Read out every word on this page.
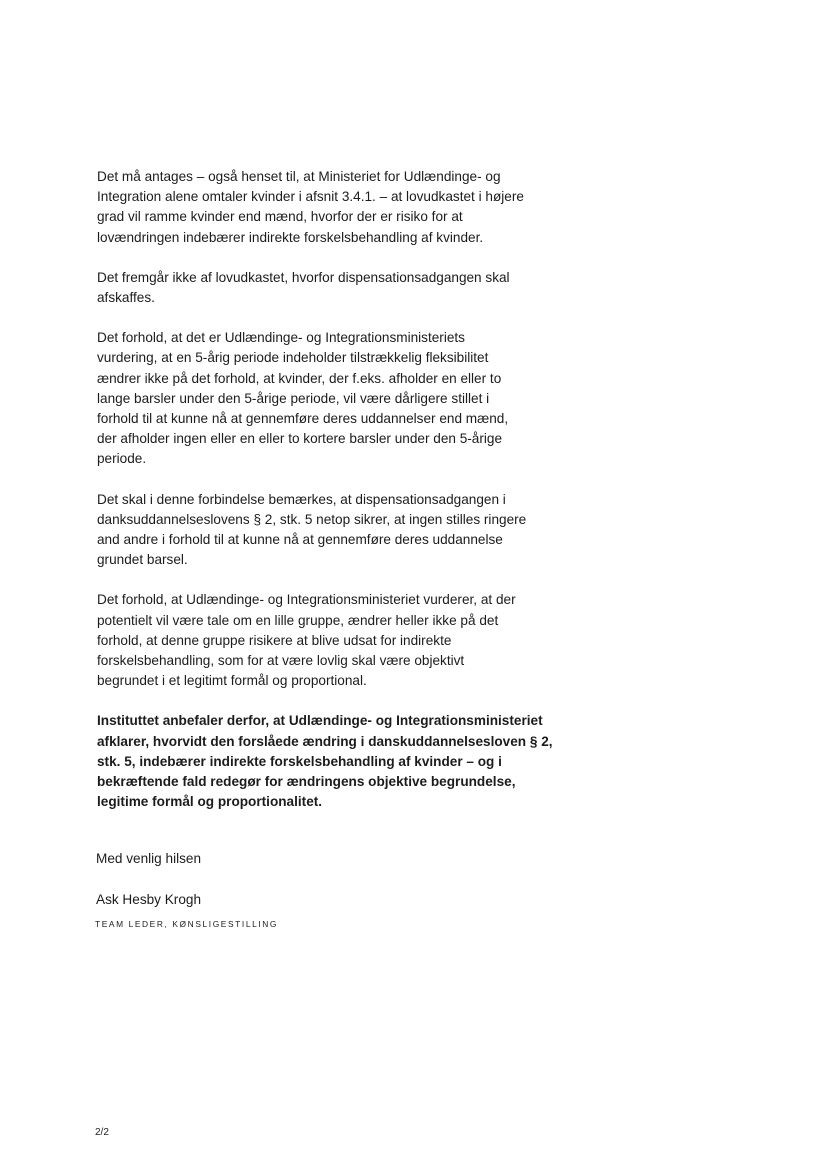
Det må antages – også henset til, at Ministeriet for Udlændinge- og
Integration alene omtaler kvinder i afsnit 3.4.1. – at lovudkastet i højere
grad vil ramme kvinder end mænd, hvorfor der er risiko for at
lovændringen indebærer indirekte forskelsbehandling af kvinder.

Det fremgår ikke af lovudkastet, hvorfor dispensationsadgangen skal
afskaffes.

Det forhold, at det er Udlændinge- og Integrationsministeriets
vurdering, at en 5-årig periode indeholder tilstrækkelig fleksibilitet
ændrer ikke på det forhold, at kvinder, der f.eks. afholder en eller to
lange barsler under den 5-årige periode, vil være dårligere stillet i
forhold til at kunne nå at gennemføre deres uddannelser end mænd,
der afholder ingen eller en eller to kortere barsler under den 5-årige
periode.

Det skal i denne forbindelse bemærkes, at dispensationsadgangen i
danksuddannelseslovens § 2, stk. 5 netop sikrer, at ingen stilles ringere
and andre i forhold til at kunne nå at gennemføre deres uddannelse
grundet barsel.

Det forhold, at Udlændinge- og Integrationsministeriet vurderer, at der
potentielt vil være tale om en lille gruppe, ændrer heller ikke på det
forhold, at denne gruppe risikere at blive udsat for indirekte
forskelsbehandling, som for at være lovlig skal være objektivt
begrundet i et legitimt formål og proportional.

Instituttet anbefaler derfor, at Udlændinge- og Integrationsministeriet
afklarer, hvorvidt den forslåede ændring i danskuddannelsesloven § 2,
stk. 5, indebærer indirekte forskelsbehandling af kvinder – og i
bekræftende fald redegør for ændringens objektive begrundelse,
legitime formål og proportionalitet.

Med venlig hilsen
Ask Hesby Krogh
TEAM LEDER, KØNSLIGESTILLING
2/2
